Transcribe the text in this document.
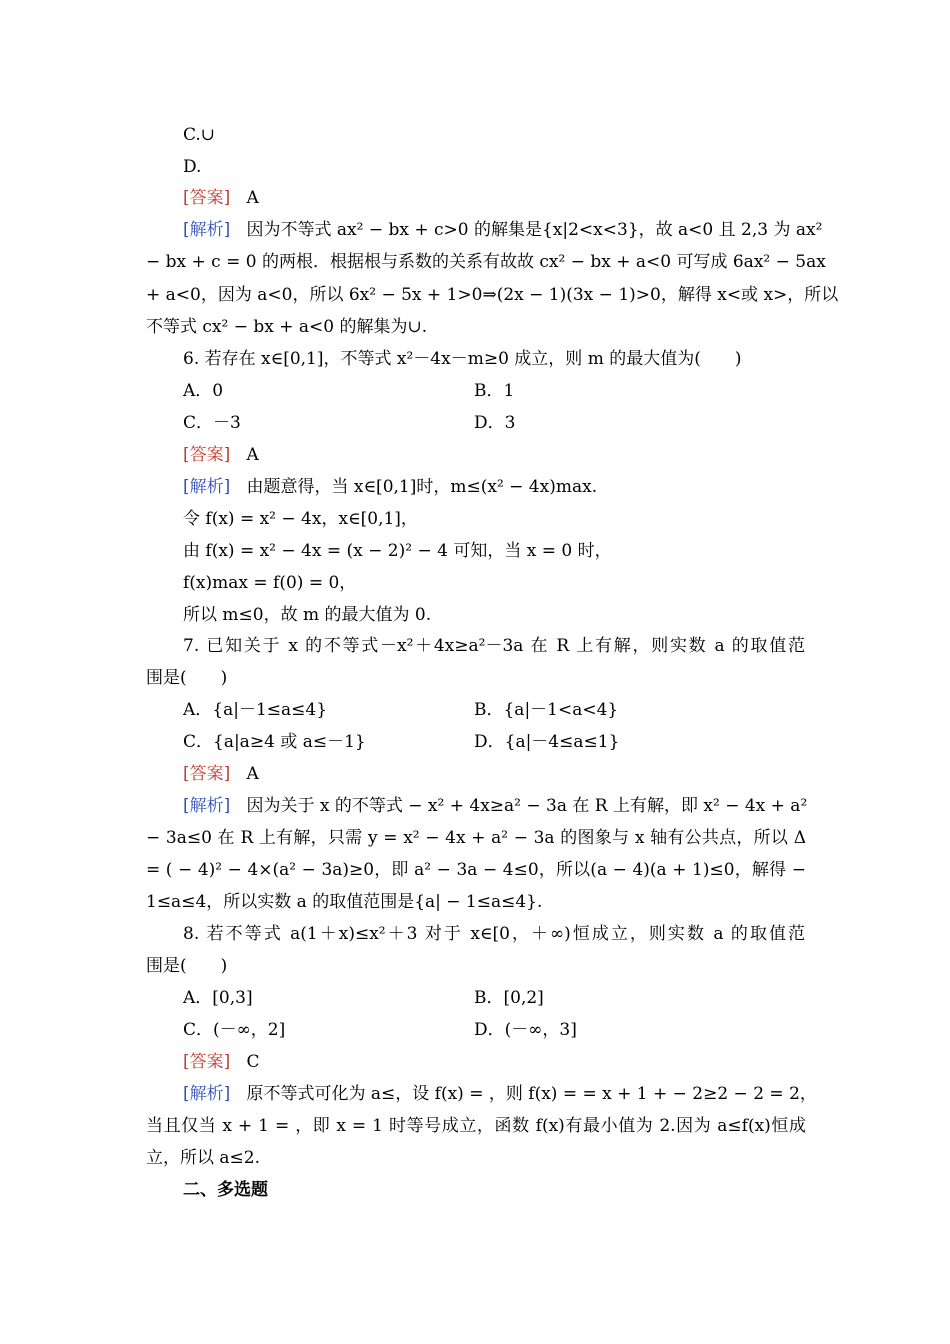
C.∪
D.
[答案] A
[解析] 因为不等式 ax² − bx + c>0 的解集是{x|2<x<3}，故 a<0 且 2,3 为 ax²
− bx + c = 0 的两根．根据根与系数的关系有故故 cx² − bx + a<0 可写成 6ax² − 5ax
+ a<0，因为 a<0，所以 6x² − 5x + 1>0⇒(2x − 1)(3x − 1)>0，解得 x<或 x>，所以
不等式 cx² − bx + a<0 的解集为∪.
6. 若存在 x∈[0,1]，不等式 x²－4x－m≥0 成立，则 m 的最大值为(　　)
A．0	B．1
C．－3	D．3
[答案] A
[解析] 由题意得，当 x∈[0,1]时，m≤(x² − 4x)max.
令 f(x) = x² − 4x，x∈[0,1]，
由 f(x) = x² − 4x = (x − 2)² − 4 可知，当 x = 0 时，
f(x)max = f(0) = 0，
所以 m≤0，故 m 的最大值为 0.
7. 已知关于 x 的不等式－x²＋4x≥a²－3a 在 R 上有解，则实数 a 的取值范
围是(　　)
A．{a|－1≤a≤4}	B．{a|－1<a<4}
C．{a|a≥4 或 a≤－1}	D．{a|－4≤a≤1}
[答案] A
[解析] 因为关于 x 的不等式 − x² + 4x≥a² − 3a 在 R 上有解，即 x² − 4x + a²
− 3a≤0 在 R 上有解，只需 y = x² − 4x + a² − 3a 的图象与 x 轴有公共点，所以 Δ
= ( − 4)² − 4×(a² − 3a)≥0，即 a² − 3a − 4≤0，所以(a − 4)(a + 1)≤0，解得 −
1≤a≤4，所以实数 a 的取值范围是{a| − 1≤a≤4}.
8. 若不等式 a(1＋x)≤x²＋3 对于 x∈[0，＋∞)恒成立，则实数 a 的取值范
围是(　　)
A．[0,3]	B．[0,2]
C．(－∞，2]	D．(－∞，3]
[答案] C
[解析] 原不等式可化为 a≤，设 f(x) = ，则 f(x) = = x + 1 + − 2≥2 − 2 = 2，
当且仅当 x + 1 = ，即 x = 1 时等号成立，函数 f(x)有最小值为 2.因为 a≤f(x)恒成
立，所以 a≤2.
二、多选题
